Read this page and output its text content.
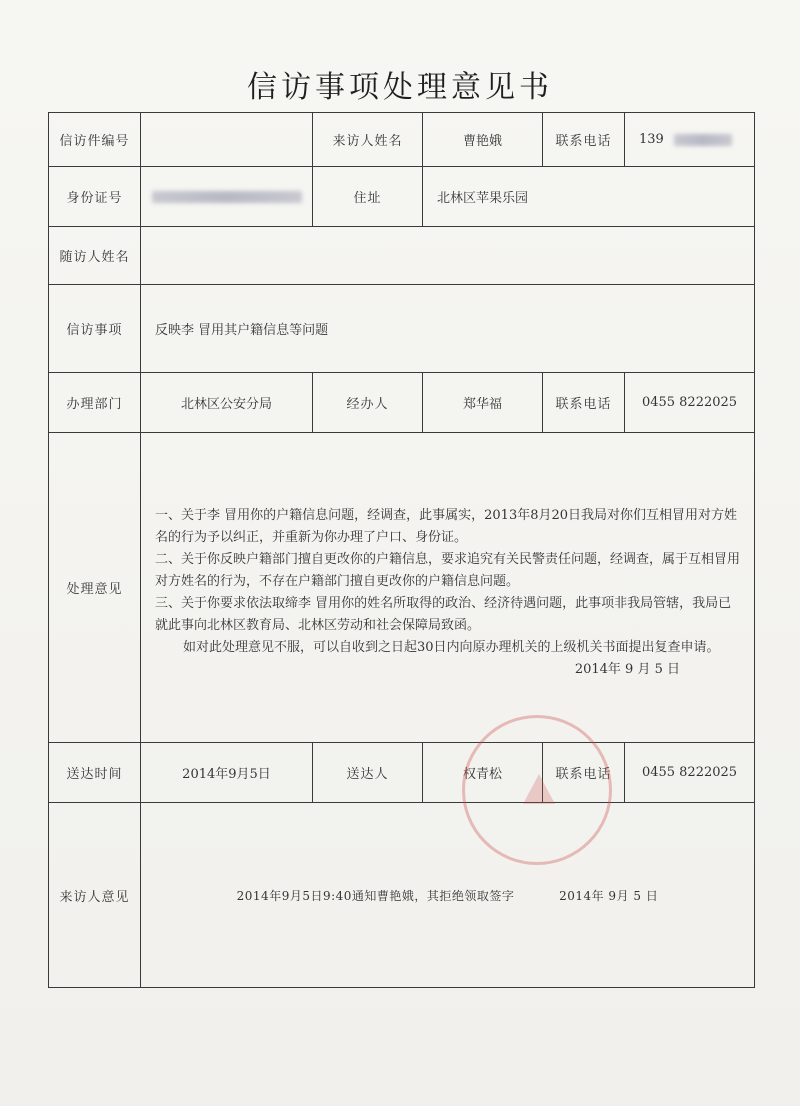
信访事项处理意见书
信访件编号		来访人姓名	曹艳娥	联系电话	139
身份证号		住址	北林区苹果乐园		
随访人姓名					
信访事项	反映李 冒用其户籍信息等问题				
办理部门	北林区公安分局	经办人	郑华福	联系电话	0455 8222025
处理意见	一、关于李 冒用你的户籍信息问题，经调查，此事属实，2013年8月20日我局对你们互相冒用对方姓名的行为予以纠正，并重新为你办理了户口、身份证。

二、关于你反映户籍部门擅自更改你的户籍信息，要求追究有关民警责任问题，经调查，属于互相冒用对方姓名的行为，不存在户籍部门擅自更改你的户籍信息问题。

三、关于你要求依法取缔李 冒用你的姓名所取得的政治、经济待遇问题，此事项非我局管辖，我局已就此事向北林区教育局、北林区劳动和社会保障局致函。

如对此处理意见不服，可以自收到之日起30日内向原办理机关的上级机关书面提出复查申请。

2014年 9 月 5 日				

送达时间	2014年9月5日	送达人	权青松	联系电话	0455 8222025
来访人意见	2014年9月5日9:40通知曹艳娥，其拒绝领取签字 2014年 9月 5 日				
